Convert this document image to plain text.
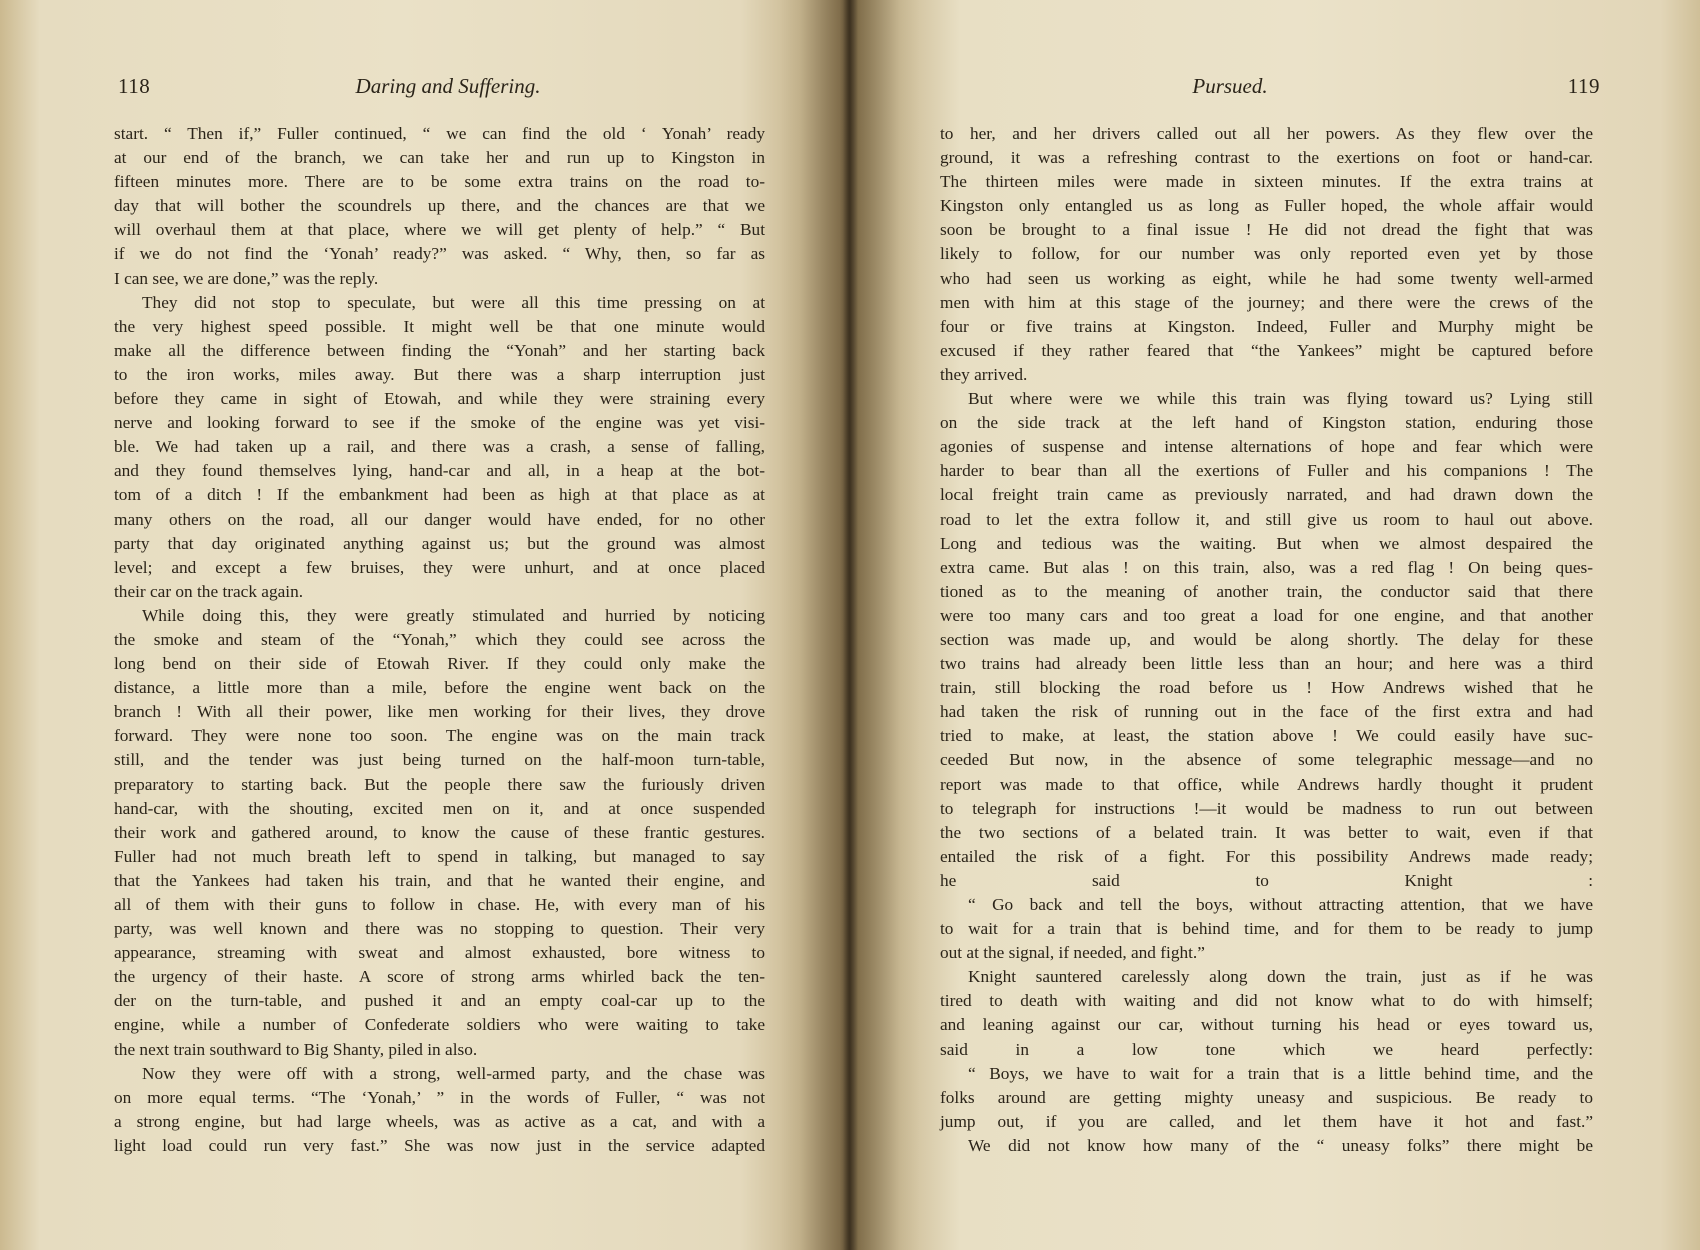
118	Daring and Suffering.
start. “ Then if,” Fuller continued, “ we can find the old ‘ Yonah’ ready
at our end of the branch, we can take her and run up to Kingston in
fifteen minutes more. There are to be some extra trains on the road to-
day that will bother the scoundrels up there, and the chances are that we
will overhaul them at that place, where we will get plenty of help.” “ But
if we do not find the ‘Yonah’ ready?” was asked. “ Why, then, so far as
I can see, we are done,” was the reply.
They did not stop to speculate, but were all this time pressing on at
the very highest speed possible. It might well be that one minute would
make all the difference between finding the “Yonah” and her starting back
to the iron works, miles away. But there was a sharp interruption just
before they came in sight of Etowah, and while they were straining every
nerve and looking forward to see if the smoke of the engine was yet visi-
ble. We had taken up a rail, and there was a crash, a sense of falling,
and they found themselves lying, hand-car and all, in a heap at the bot-
tom of a ditch ! If the embankment had been as high at that place as at
many others on the road, all our danger would have ended, for no other
party that day originated anything against us; but the ground was almost
level; and except a few bruises, they were unhurt, and at once placed
their car on the track again.
While doing this, they were greatly stimulated and hurried by noticing
the smoke and steam of the “Yonah,” which they could see across the
long bend on their side of Etowah River. If they could only make the
distance, a little more than a mile, before the engine went back on the
branch ! With all their power, like men working for their lives, they drove
forward. They were none too soon. The engine was on the main track
still, and the tender was just being turned on the half-moon turn-table,
preparatory to starting back. But the people there saw the furiously driven
hand-car, with the shouting, excited men on it, and at once suspended
their work and gathered around, to know the cause of these frantic gestures.
Fuller had not much breath left to spend in talking, but managed to say
that the Yankees had taken his train, and that he wanted their engine, and
all of them with their guns to follow in chase. He, with every man of his
party, was well known and there was no stopping to question. Their very
appearance, streaming with sweat and almost exhausted, bore witness to
the urgency of their haste. A score of strong arms whirled back the ten-
der on the turn-table, and pushed it and an empty coal-car up to the
engine, while a number of Confederate soldiers who were waiting to take
the next train southward to Big Shanty, piled in also.
Now they were off with a strong, well-armed party, and the chase was
on more equal terms. “The ‘Yonah,’ ” in the words of Fuller, “ was not
a strong engine, but had large wheels, was as active as a cat, and with a
light load could run very fast.” She was now just in the service adapted
Pursued.	119
to her, and her drivers called out all her powers. As they flew over the
ground, it was a refreshing contrast to the exertions on foot or hand-car.
The thirteen miles were made in sixteen minutes. If the extra trains at
Kingston only entangled us as long as Fuller hoped, the whole affair would
soon be brought to a final issue ! He did not dread the fight that was
likely to follow, for our number was only reported even yet by those
who had seen us working as eight, while he had some twenty well-armed
men with him at this stage of the journey; and there were the crews of the
four or five trains at Kingston. Indeed, Fuller and Murphy might be
excused if they rather feared that “the Yankees” might be captured before
they arrived.
But where were we while this train was flying toward us? Lying still
on the side track at the left hand of Kingston station, enduring those
agonies of suspense and intense alternations of hope and fear which were
harder to bear than all the exertions of Fuller and his companions ! The
local freight train came as previously narrated, and had drawn down the
road to let the extra follow it, and still give us room to haul out above.
Long and tedious was the waiting. But when we almost despaired the
extra came. But alas ! on this train, also, was a red flag ! On being ques-
tioned as to the meaning of another train, the conductor said that there
were too many cars and too great a load for one engine, and that another
section was made up, and would be along shortly. The delay for these
two trains had already been little less than an hour; and here was a third
train, still blocking the road before us ! How Andrews wished that he
had taken the risk of running out in the face of the first extra and had
tried to make, at least, the station above ! We could easily have suc-
ceeded But now, in the absence of some telegraphic message—and no
report was made to that office, while Andrews hardly thought it prudent
to telegraph for instructions !—it would be madness to run out between
the two sections of a belated train. It was better to wait, even if that
entailed the risk of a fight. For this possibility Andrews made ready;
he said to Knight :
“ Go back and tell the boys, without attracting attention, that we have
to wait for a train that is behind time, and for them to be ready to jump
out at the signal, if needed, and fight.”
Knight sauntered carelessly along down the train, just as if he was
tired to death with waiting and did not know what to do with himself;
and leaning against our car, without turning his head or eyes toward us,
said in a low tone which we heard perfectly:
“ Boys, we have to wait for a train that is a little behind time, and the
folks around are getting mighty uneasy and suspicious. Be ready to
jump out, if you are called, and let them have it hot and fast.”
We did not know how many of the “ uneasy folks” there might be
